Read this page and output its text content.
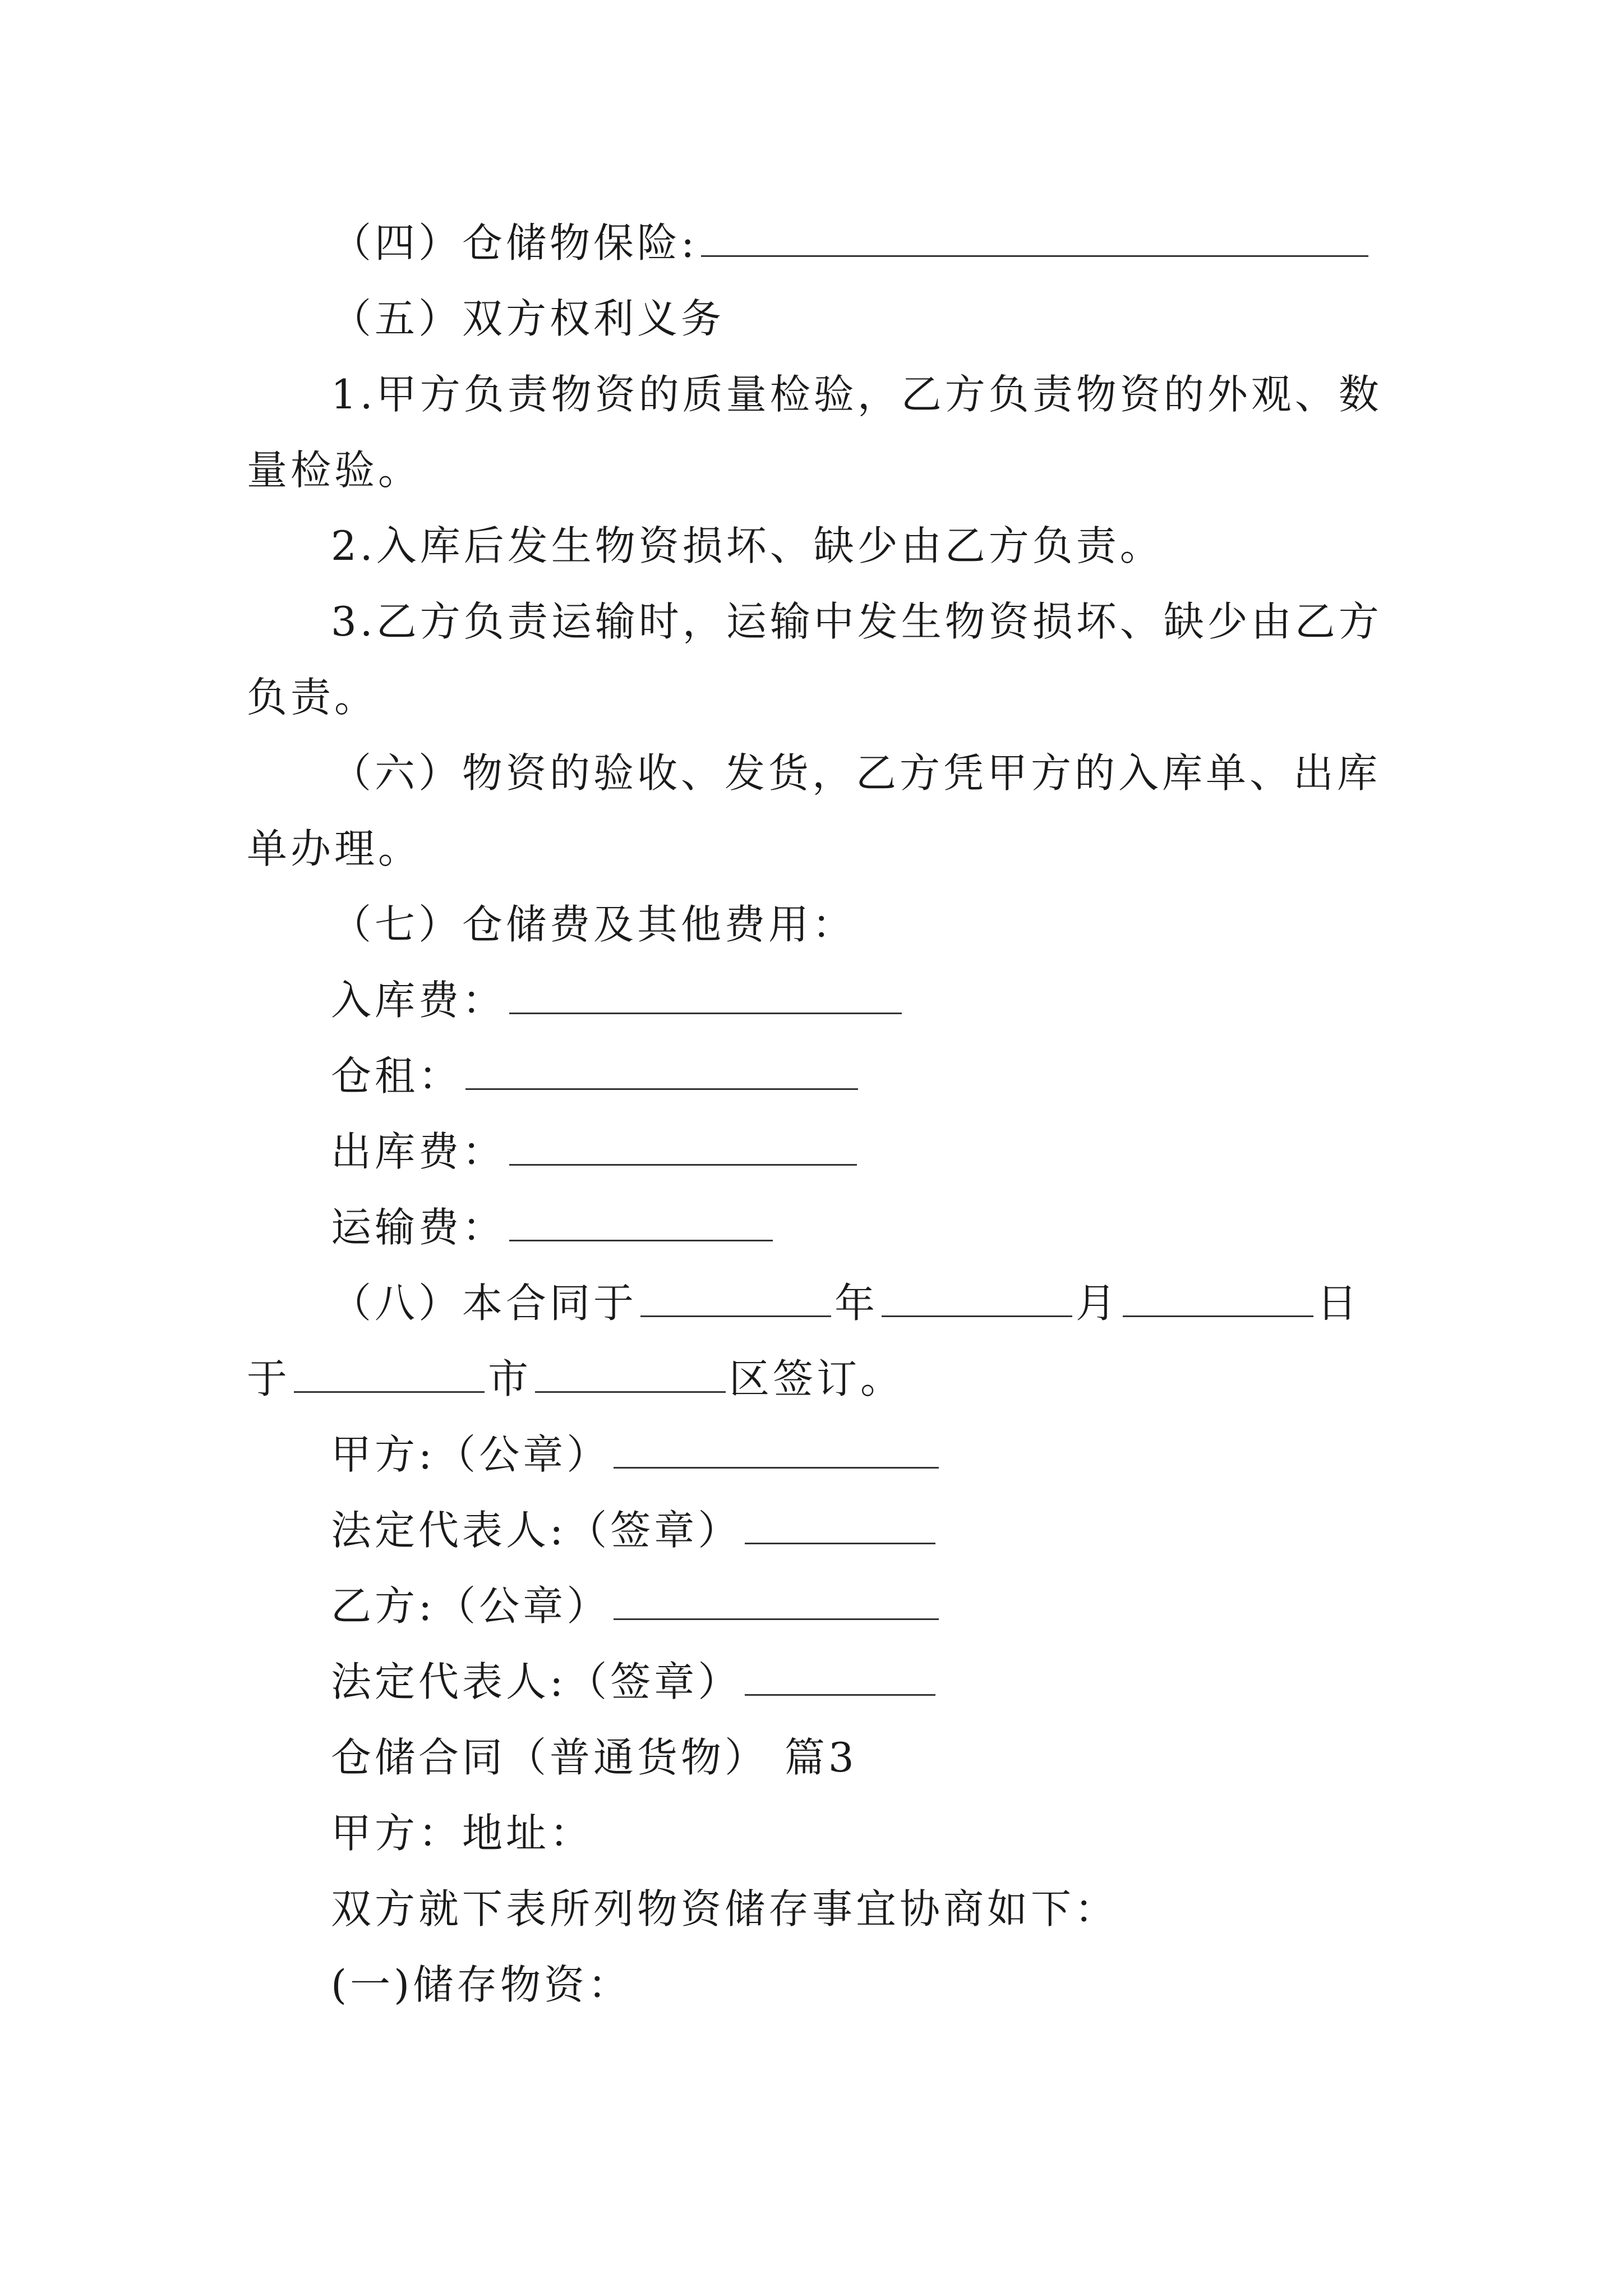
（四）仓储物保险:
（五）双方权利义务
1.甲方负责物资的质量检验，乙方负责物资的外观、数
量检验。
2.入库后发生物资损坏、缺少由乙方负责。
3.乙方负责运输时，运输中发生物资损坏、缺少由乙方
负责。
（六）物资的验收、发货，乙方凭甲方的入库单、出库
单办理。
（七）仓储费及其他费用：
入库费：
仓租：
出库费：
运输费：
（八）本合同于	年	月	日
于	市	区签订。
甲方:（公章）
法定代表人:（签章）
乙方:（公章）
法定代表人:（签章）
仓储合同（普通货物） 篇3
甲方：地址：
双方就下表所列物资储存事宜协商如下：
(一)储存物资：
